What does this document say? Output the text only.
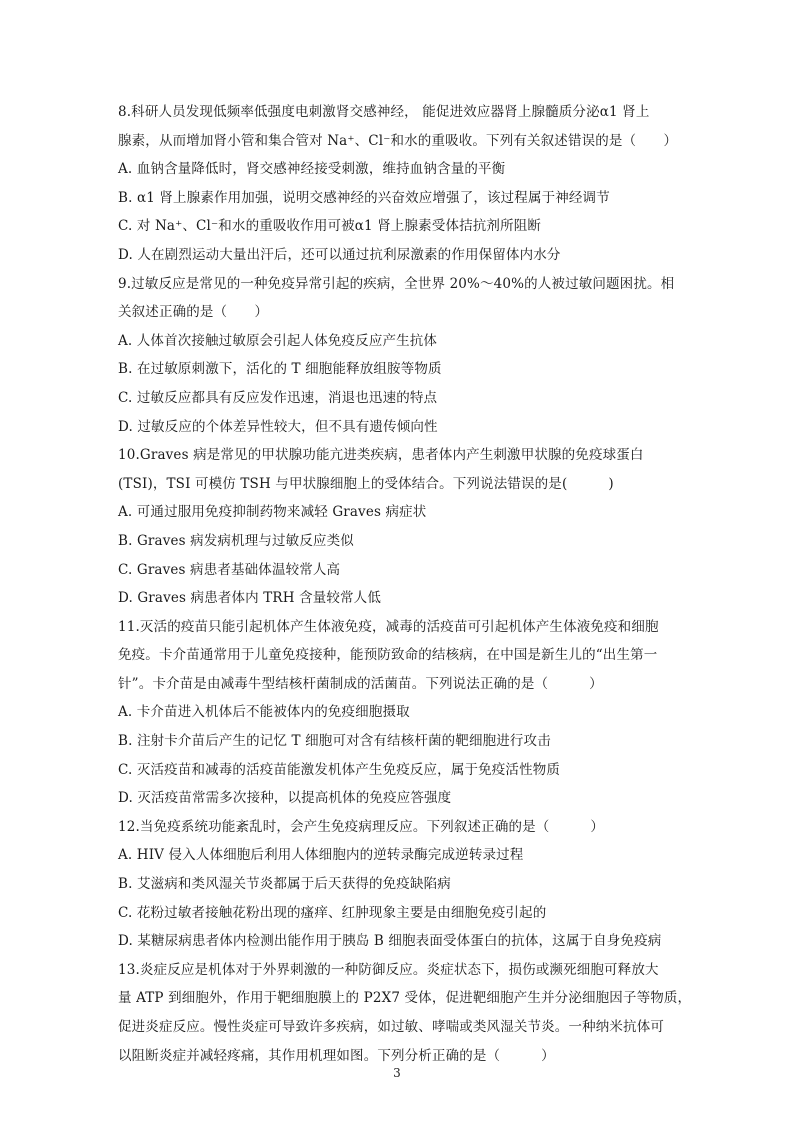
8.科研人员发现低频率低强度电刺激肾交感神经， 能促进效应器肾上腺髓质分泌α1 肾上
腺素，从而增加肾小管和集合管对 Na⁺、Cl⁻和水的重吸收。下列有关叙述错误的是（　　）
A. 血钠含量降低时，肾交感神经接受刺激，维持血钠含量的平衡
B. α1 肾上腺素作用加强，说明交感神经的兴奋效应增强了，该过程属于神经调节
C. 对 Na⁺、Cl⁻和水的重吸收作用可被α1 肾上腺素受体拮抗剂所阻断
D. 人在剧烈运动大量出汗后，还可以通过抗利尿激素的作用保留体内水分
9.过敏反应是常见的一种免疫异常引起的疾病，全世界 20%～40%的人被过敏问题困扰。相
关叙述正确的是（　　）
A. 人体首次接触过敏原会引起人体免疫反应产生抗体
B. 在过敏原刺激下，活化的 T 细胞能释放组胺等物质
C. 过敏反应都具有反应发作迅速，消退也迅速的特点
D. 过敏反应的个体差异性较大，但不具有遗传倾向性
10.Graves 病是常见的甲状腺功能亢进类疾病，患者体内产生刺激甲状腺的免疫球蛋白
(TSI)，TSI 可模仿 TSH 与甲状腺细胞上的受体结合。下列说法错误的是(　　　)
A. 可通过服用免疫抑制药物来减轻 Graves 病症状
B. Graves 病发病机理与过敏反应类似
C. Graves 病患者基础体温较常人高
D. Graves 病患者体内 TRH 含量较常人低
11.灭活的疫苗只能引起机体产生体液免疫，减毒的活疫苗可引起机体产生体液免疫和细胞
免疫。卡介苗通常用于儿童免疫接种，能预防致命的结核病，在中国是新生儿的“出生第一
针”。卡介苗是由减毒牛型结核杆菌制成的活菌苗。下列说法正确的是（　　　）
A. 卡介苗进入机体后不能被体内的免疫细胞摄取
B. 注射卡介苗后产生的记忆 T 细胞可对含有结核杆菌的靶细胞进行攻击
C. 灭活疫苗和减毒的活疫苗能激发机体产生免疫反应，属于免疫活性物质
D. 灭活疫苗常需多次接种，以提高机体的免疫应答强度
12.当免疫系统功能紊乱时，会产生免疫病理反应。下列叙述正确的是（　　　）
A. HIV 侵入人体细胞后利用人体细胞内的逆转录酶完成逆转录过程
B. 艾滋病和类风湿关节炎都属于后天获得的免疫缺陷病
C. 花粉过敏者接触花粉出现的瘙痒、红肿现象主要是由细胞免疫引起的
D. 某糖尿病患者体内检测出能作用于胰岛 B 细胞表面受体蛋白的抗体，这属于自身免疫病
13.炎症反应是机体对于外界刺激的一种防御反应。炎症状态下，损伤或濒死细胞可释放大
量 ATP 到细胞外，作用于靶细胞膜上的 P2X7 受体，促进靶细胞产生并分泌细胞因子等物质，
促进炎症反应。慢性炎症可导致许多疾病，如过敏、哮喘或类风湿关节炎。一种纳米抗体可
以阻断炎症并减轻疼痛，其作用机理如图。下列分析正确的是（　　　）
3
